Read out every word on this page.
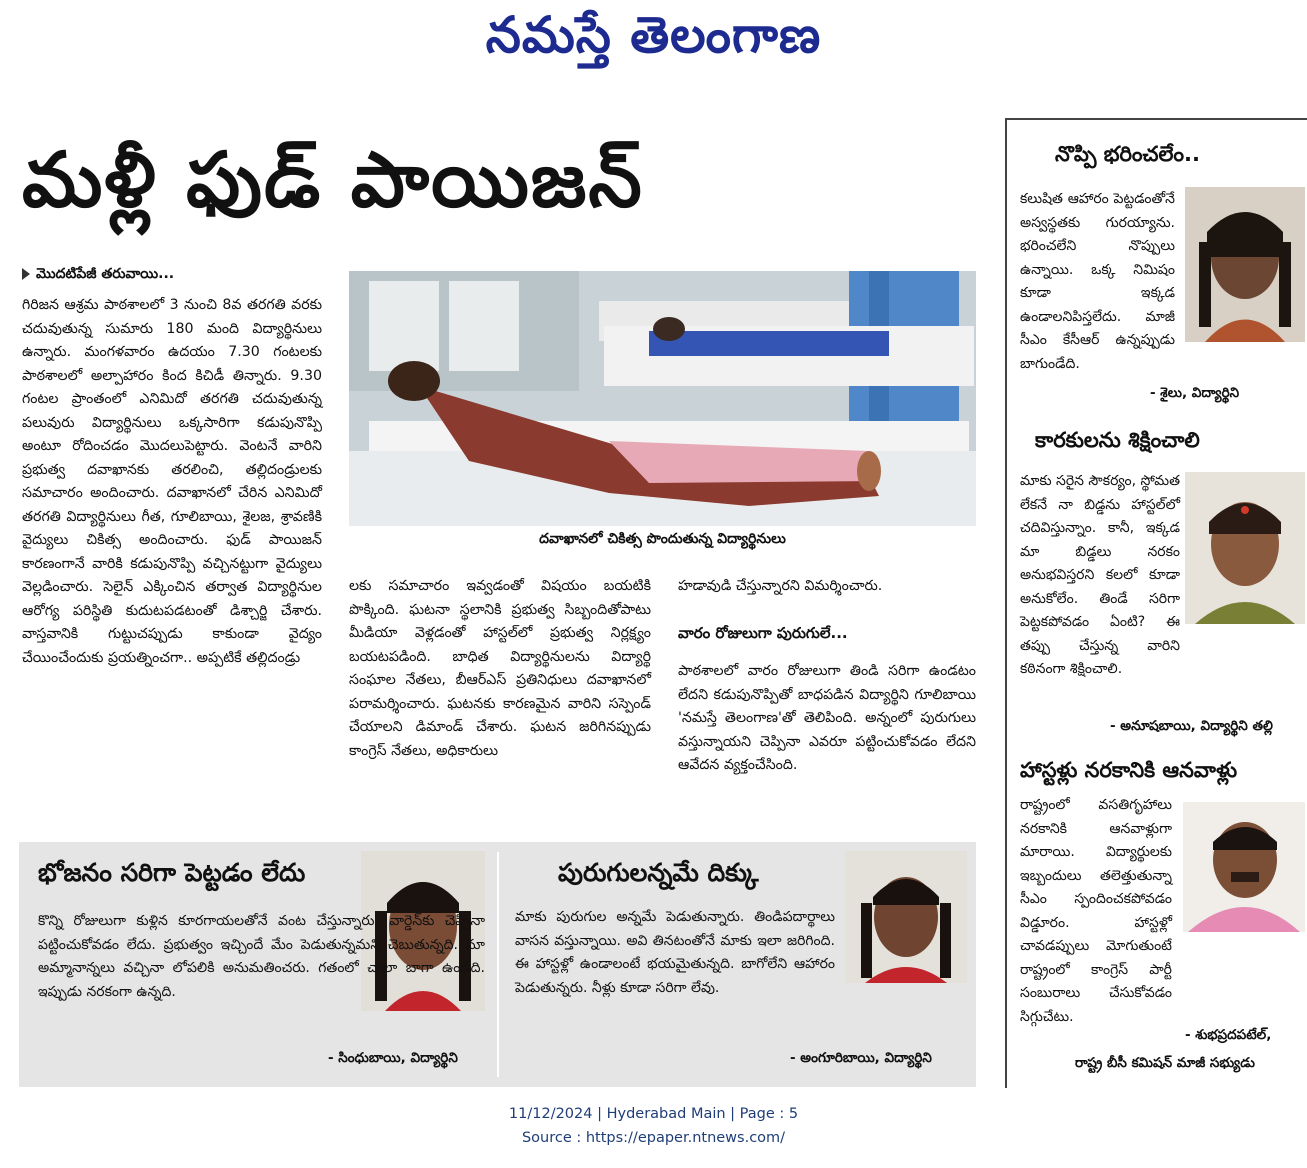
నమస్తే తెలంగాణ
మళ్లీ ఫుడ్ పాయిజన్
మొదటిపేజీ తరువాయి...
గిరిజన ఆశ్రమ పాఠశాలలో 3 నుంచి 8వ తరగతి వరకు చదువుతున్న సుమారు 180 మంది విద్యార్థినులు ఉన్నారు. మంగళవారం ఉదయం 7.30 గంటలకు పాఠశాలలో అల్పాహారం కింద కిచిడీ తిన్నారు. 9.30 గంటల ప్రాంతంలో ఎనిమిదో తరగతి చదువుతున్న పలువురు విద్యార్థినులు ఒక్కసారిగా కడుపునొప్పి అంటూ రోదించడం మొదలుపెట్టారు. వెంటనే వారిని ప్రభుత్వ దవాఖానకు తరలించి, తల్లిదండ్రులకు సమాచారం అందించారు. దవాఖానలో చేరిన ఎనిమిదో తరగతి విద్యార్థినులు గీత, గూలిబాయి, శైలజ, శ్రావణికి వైద్యులు చికిత్స అందించారు. ఫుడ్ పాయిజన్ కారణంగానే వారికి కడుపునొప్పి వచ్చినట్టుగా వైద్యులు వెల్లడించారు. సెలైన్ ఎక్కించిన తర్వాత విద్యార్థినుల ఆరోగ్య పరిస్థితి కుదుటపడటంతో డిశ్చార్జి చేశారు. వాస్తవానికి గుట్టుచప్పుడు కాకుండా వైద్యం చేయించేందుకు ప్రయత్నించగా.. అప్పటికే తల్లిదండ్రు
దవాఖానలో చికిత్స పొందుతున్న విద్యార్థినులు
లకు సమాచారం ఇవ్వడంతో విషయం బయటికి పొక్కింది. ఘటనా స్థలానికి ప్రభుత్వ సిబ్బందితోపాటు మీడియా వెళ్లడంతో హాస్టల్‌లో ప్రభుత్వ నిర్లక్ష్యం బయటపడింది. బాధిత విద్యార్థినులను విద్యార్థి సంఘాల నేతలు, బీఆర్ఎస్ ప్రతినిధులు దవాఖానలో పరామర్శించారు. ఘటనకు కారణమైన వారిని సస్పెండ్ చేయాలని డిమాండ్ చేశారు. ఘటన జరిగినప్పుడు కాంగ్రెస్ నేతలు, అధికారులు
హడావుడి చేస్తున్నారని విమర్శించారు.
వారం రోజులుగా పురుగులే...
పాఠశాలలో వారం రోజులుగా తిండి సరిగా ఉండటం లేదని కడుపునొప్పితో బాధపడిన విద్యార్థిని గూలిబాయి 'నమస్తే తెలంగాణ'తో తెలిపింది. అన్నంలో పురుగులు వస్తున్నాయని చెప్పినా ఎవరూ పట్టించుకోవడం లేదని ఆవేదన వ్యక్తంచేసింది.
నొప్పి భరించలేం..
కలుషిత ఆహారం పెట్టడంతోనే అస్వస్థతకు గురయ్యాను. భరించలేని నొప్పులు ఉన్నాయి. ఒక్క నిమిషం కూడా ఇక్కడ ఉండాలనిపిస్తలేదు. మాజీ సీఎం కేసీఆర్ ఉన్నప్పుడు బాగుండేది.
- శైలు, విద్యార్థిని
కారకులను శిక్షించాలి
మాకు సరైన సౌకర్యం, స్థోమత లేకనే నా బిడ్డను హాస్టల్‌లో చదివిస్తున్నాం. కానీ, ఇక్కడ మా బిడ్డలు నరకం అనుభవిస్తరని కలలో కూడా అనుకోలేం. తిండే సరిగా పెట్టకపోవడం ఏంటి? ఈ తప్పు చేస్తున్న వారిని కఠినంగా శిక్షించాలి.
- అనూషబాయి, విద్యార్థిని తల్లి
హాస్టళ్లు నరకానికి ఆనవాళ్లు
రాష్ట్రంలో వసతిగృహాలు నరకానికి ఆనవాళ్లుగా మారాయి. విద్యార్థులకు ఇబ్బందులు తలెత్తుతున్నా సీఎం స్పందించకపోవడం విడ్డూరం. హాస్టళ్లో చావడప్పులు మోగుతుంటే రాష్ట్రంలో కాంగ్రెస్ పార్టీ సంబురాలు చేసుకోవడం సిగ్గుచేటు.
- శుభప్రదపటేల్,
రాష్ట్ర బీసీ కమిషన్ మాజీ సభ్యుడు
భోజనం సరిగా పెట్టడం లేదు
కొన్ని రోజులుగా కుళ్లిన కూరగాయలతోనే వంట చేస్తున్నారు. వార్డెన్‌కు చెప్పినా పట్టించుకోవడం లేదు. ప్రభుత్వం ఇచ్చిందే మేం పెడుతున్నమని చెబుతున్నది. మా అమ్మానాన్నలు వచ్చినా లోపలికి అనుమతించరు. గతంలో చాలా బాగా ఉండేది. ఇప్పుడు నరకంగా ఉన్నది.
- సింధుబాయి, విద్యార్థిని
పురుగులన్నమే దిక్కు
మాకు పురుగుల అన్నమే పెడుతున్నారు. తిండిపదార్థాలు వాసన వస్తున్నాయి. అవి తినటంతోనే మాకు ఇలా జరిగింది. ఈ హాస్టళ్లో ఉండాలంటే భయమైతున్నది. బాగోలేని ఆహారం పెడుతున్నరు. నీళ్లు కూడా సరిగా లేవు.
- అంగూరిబాయి, విద్యార్థిని
11/12/2024 | Hyderabad Main | Page : 5
Source : https://epaper.ntnews.com/
